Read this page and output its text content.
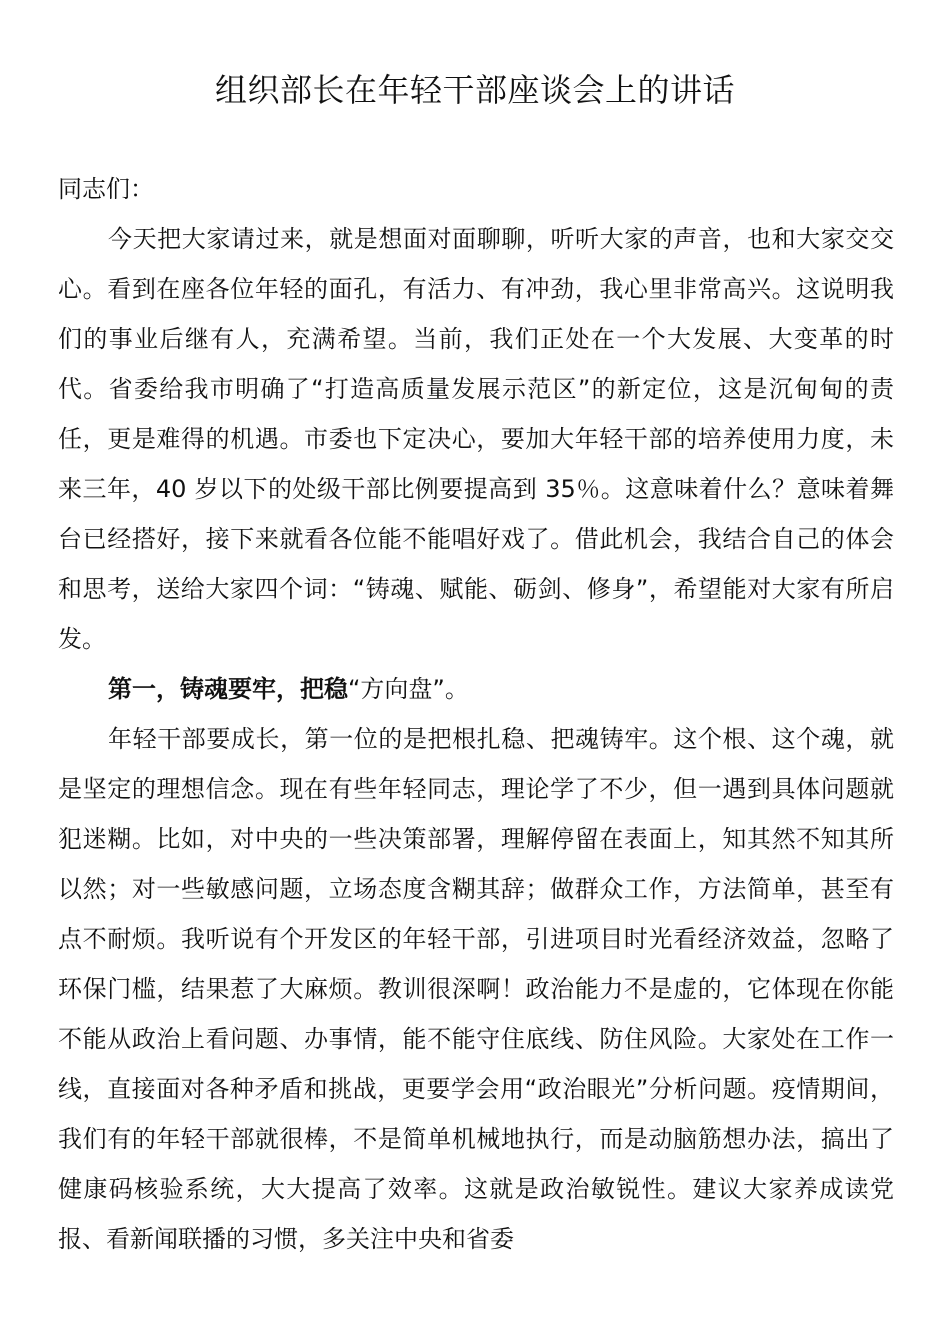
组织部长在年轻干部座谈会上的讲话

同志们：

今天把大家请过来，就是想面对面聊聊，听听大家的声音，也和大家交交心。看到在座各位年轻的面孔，有活力、有冲劲，我心里非常高兴。这说明我们的事业后继有人，充满希望。当前，我们正处在一个大发展、大变革的时代。省委给我市明确了“打造高质量发展示范区”的新定位，这是沉甸甸的责任，更是难得的机遇。市委也下定决心，要加大年轻干部的培养使用力度，未来三年，40 岁以下的处级干部比例要提高到 35％。这意味着什么？意味着舞台已经搭好，接下来就看各位能不能唱好戏了。借此机会，我结合自己的体会和思考，送给大家四个词：“铸魂、赋能、砺剑、修身”，希望能对大家有所启发。

第一，铸魂要牢，把稳“方向盘”。

年轻干部要成长，第一位的是把根扎稳、把魂铸牢。这个根、这个魂，就是坚定的理想信念。现在有些年轻同志，理论学了不少，但一遇到具体问题就犯迷糊。比如，对中央的一些决策部署，理解停留在表面上，知其然不知其所以然；对一些敏感问题，立场态度含糊其辞；做群众工作，方法简单，甚至有点不耐烦。我听说有个开发区的年轻干部，引进项目时光看经济效益，忽略了环保门槛，结果惹了大麻烦。教训很深啊！政治能力不是虚的，它体现在你能不能从政治上看问题、办事情，能不能守住底线、防住风险。大家处在工作一线，直接面对各种矛盾和挑战，更要学会用“政治眼光”分析问题。疫情期间，我们有的年轻干部就很棒，不是简单机械地执行，而是动脑筋想办法，搞出了健康码核验系统，大大提高了效率。这就是政治敏锐性。建议大家养成读党报、看新闻联播的习惯，多关注中央和省委
